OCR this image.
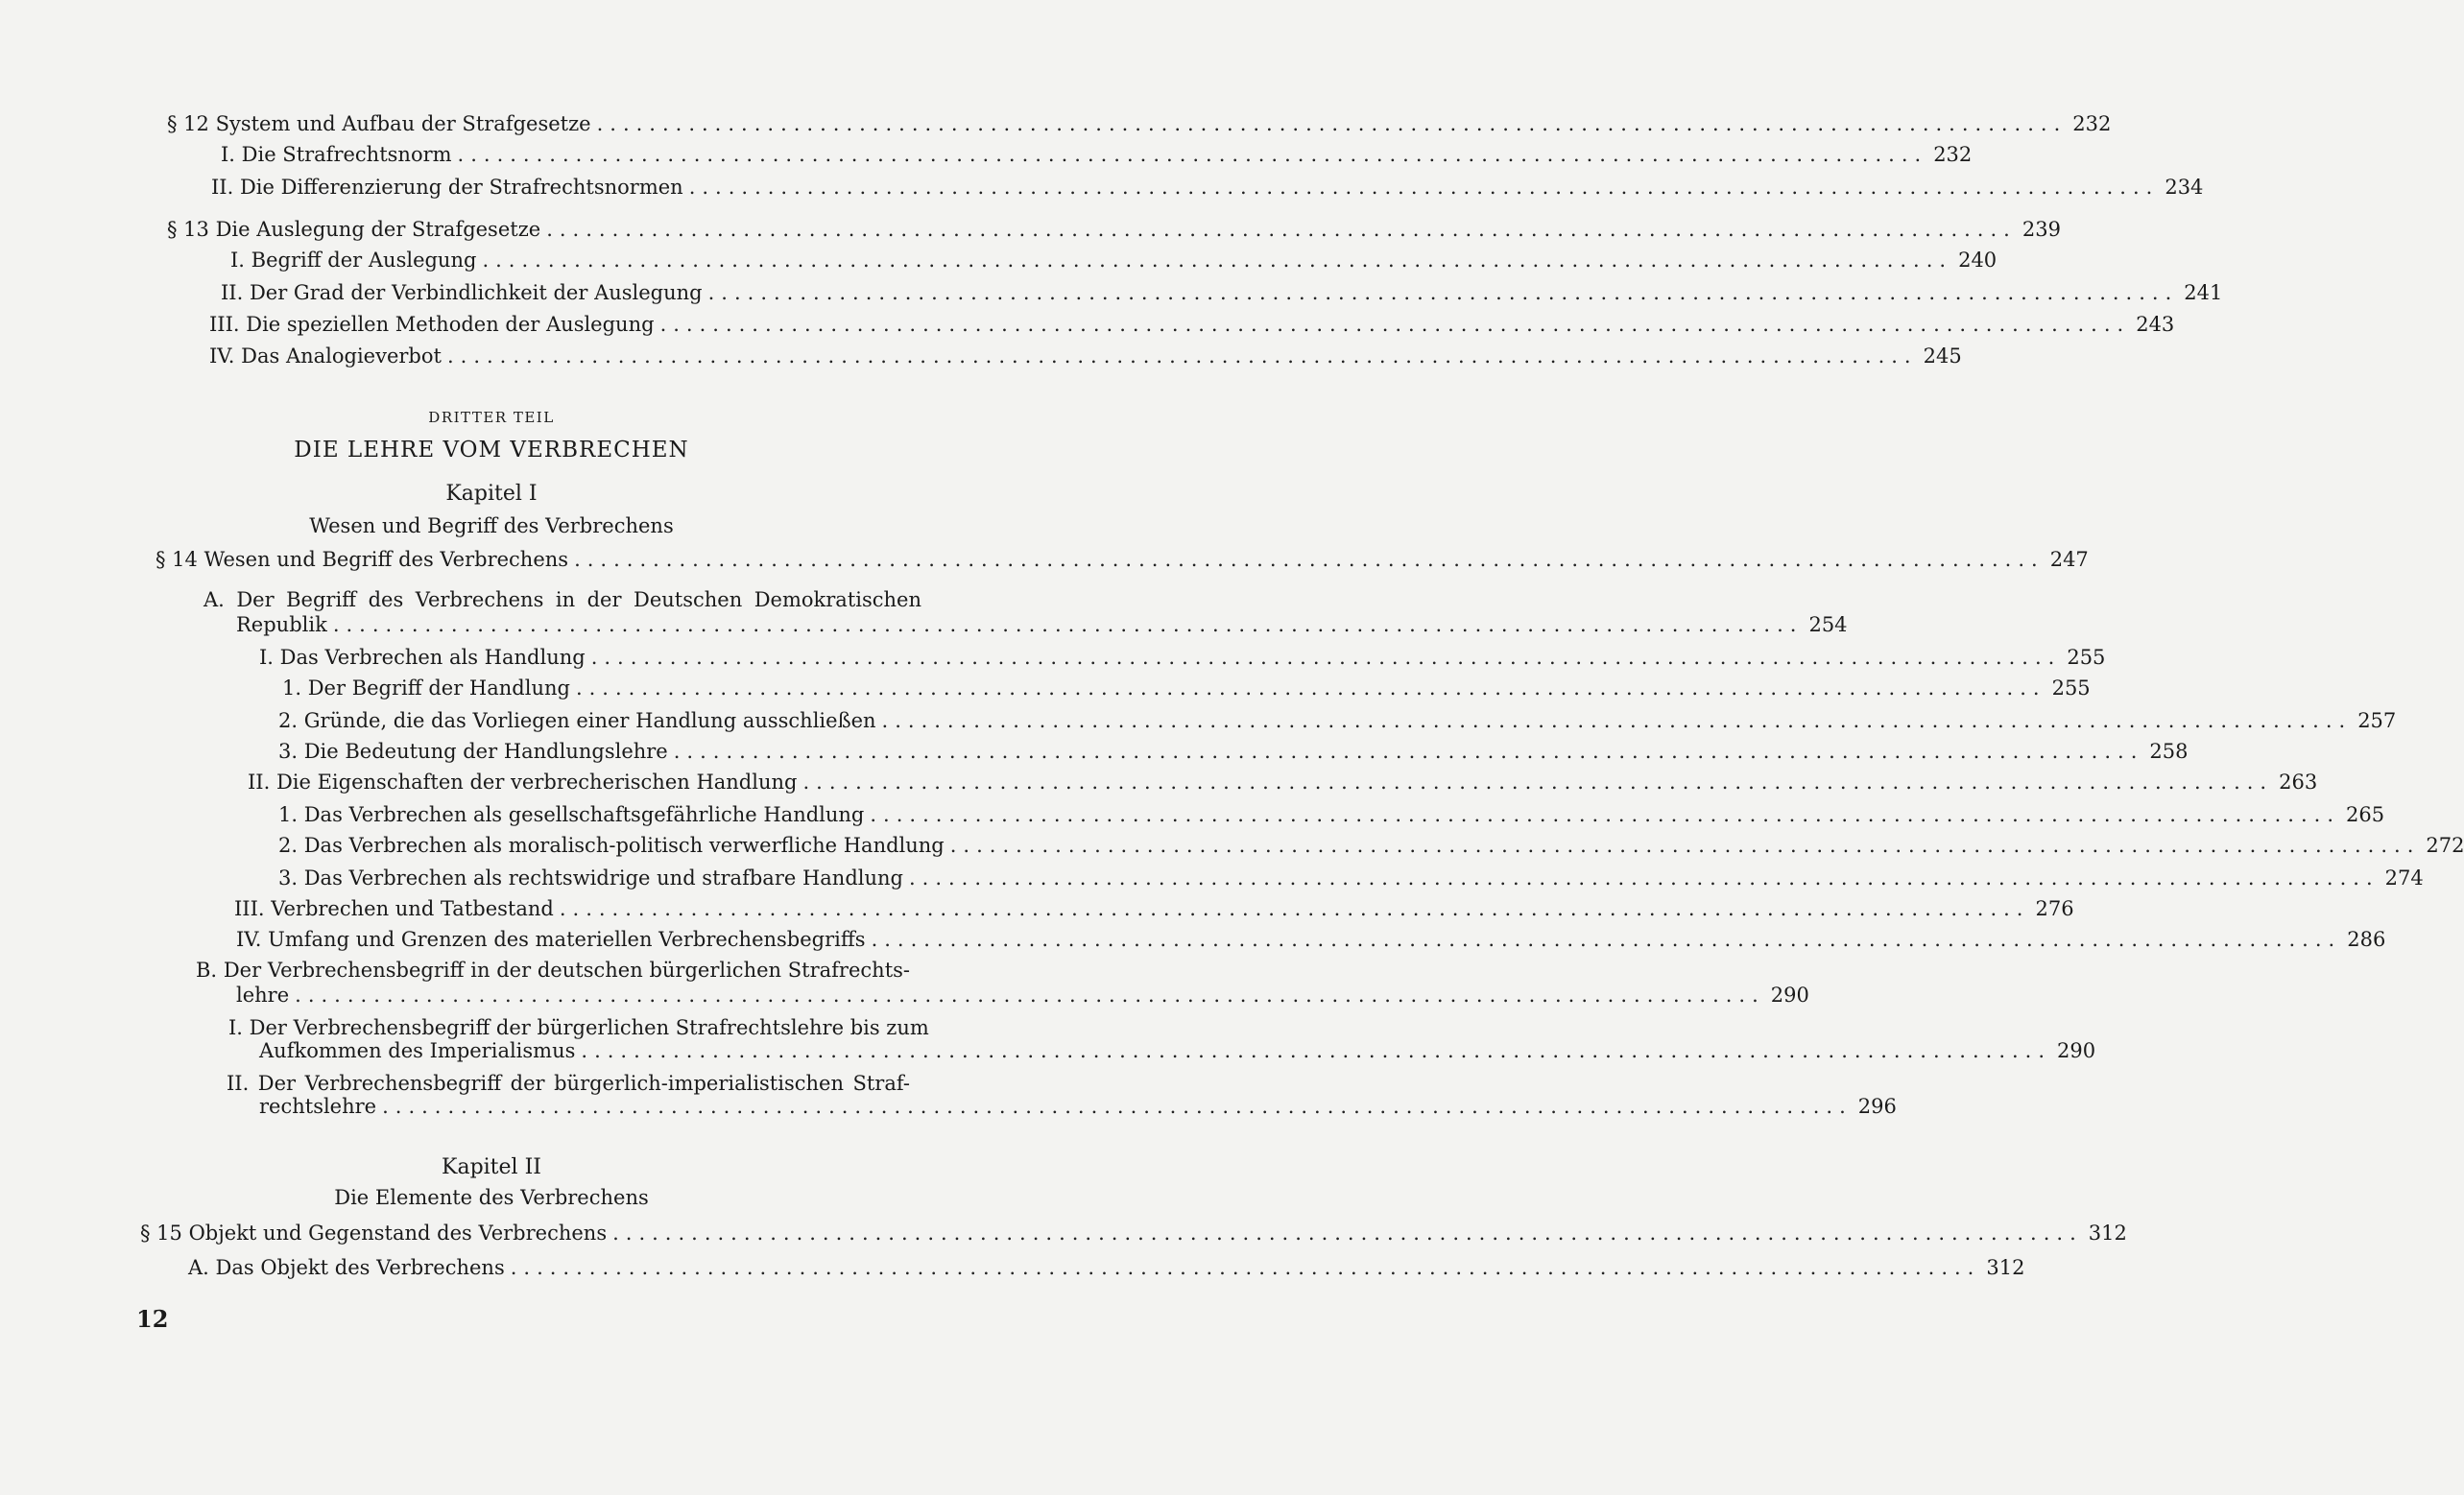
§ 12 System und Aufbau der Strafgesetze ................................................................................................................ 232
I. Die Strafrechtsnorm ................................................................................................................ 232
II. Die Differenzierung der Strafrechtsnormen ................................................................................................................ 234
§ 13 Die Auslegung der Strafgesetze ................................................................................................................ 239
I. Begriff der Auslegung ................................................................................................................ 240
II. Der Grad der Verbindlichkeit der Auslegung ................................................................................................................ 241
III. Die speziellen Methoden der Auslegung ................................................................................................................ 243
IV. Das Analogieverbot ................................................................................................................ 245
DRITTER TEIL
DIE LEHRE VOM VERBRECHEN
Kapitel I
Wesen und Begriff des Verbrechens
§ 14 Wesen und Begriff des Verbrechens ................................................................................................................ 247
A. Der Begriff des Verbrechens in der Deutschen Demokratischen
Republik ................................................................................................................ 254
I. Das Verbrechen als Handlung ................................................................................................................ 255
1. Der Begriff der Handlung ................................................................................................................ 255
2. Gründe, die das Vorliegen einer Handlung ausschließen ................................................................................................................ 257
3. Die Bedeutung der Handlungslehre ................................................................................................................ 258
II. Die Eigenschaften der verbrecherischen Handlung ................................................................................................................ 263
1. Das Verbrechen als gesellschaftsgefährliche Handlung ................................................................................................................ 265
2. Das Verbrechen als moralisch-politisch verwerfliche Handlung ................................................................................................................ 272
3. Das Verbrechen als rechtswidrige und strafbare Handlung ................................................................................................................ 274
III. Verbrechen und Tatbestand ................................................................................................................ 276
IV. Umfang und Grenzen des materiellen Verbrechensbegriffs ................................................................................................................ 286
B. Der Verbrechensbegriff in der deutschen bürgerlichen Strafrechts-
lehre ................................................................................................................ 290
I. Der Verbrechensbegriff der bürgerlichen Strafrechtslehre bis zum
Aufkommen des Imperialismus ................................................................................................................ 290
II. Der Verbrechensbegriff der bürgerlich-imperialistischen Straf-
rechtslehre ................................................................................................................ 296
Kapitel II
Die Elemente des Verbrechens
§ 15 Objekt und Gegenstand des Verbrechens ................................................................................................................ 312
A. Das Objekt des Verbrechens ................................................................................................................ 312
12
